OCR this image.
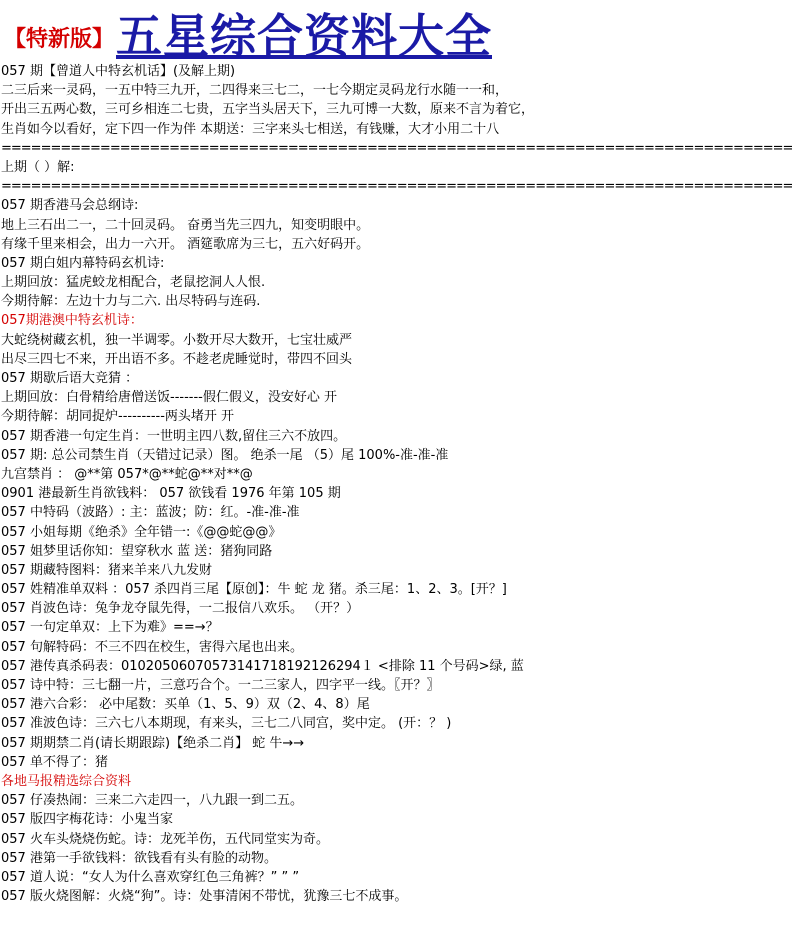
【特新版】 五星综合资料大全
057 期【曾道人中特玄机话】(及解上期)
二三后来一灵码，一五中特三九开，二四得来三七二，一七今期定灵码龙行水随一一和，
开出三五两心数，三可乡相连二七贵，五字当头居天下，三九可博一大数，原来不言为着它，
生肖如今以看好，定下四一作为伴 本期送：三字来头七相送，有钱赚，大才小用二十八
================================================================================
上期（ ）解:
================================================================================
057 期香港马会总纲诗:
地上三石出二一，二十回灵码。 奋勇当先三四九，知变明眼中。
有缘千里来相会，出力一六开。 酒筵歌席为三七，五六好码开。
057 期白姐内幕特码玄机诗:
上期回放：猛虎蛟龙相配合，老鼠挖洞人人恨.
今期待解：左边十力与二六. 出尽特码与连码.
057期港澳中特玄机诗：
大蛇绕树藏玄机，独一半调零。小数开尽大数开，七宝壮威严
出尽三四七不来，开出语不多。不趁老虎睡觉时，带四不回头
057 期歇后语大竞猜 ：
上期回放：白骨精给唐僧送饭-------假仁假义，没安好心 开
今期待解：胡同捉炉----------两头堵开 开
057 期香港一句定生肖：一世明主四八数,留住三六不放四。
057 期: 总公司禁生肖（天错过记录）图。 绝杀一尾 （5）尾 100%-准-准-准
九宫禁肖 ： @**第 057*@**蛇@**对**@
0901 港最新生肖欲钱料： 057 欲钱看 1976 年第 105 期
057 中特码（波路）: 主：蓝波；防：红。-准-准-准
057 小姐每期《绝杀》全年错一:《@@蛇@@》
057 姐梦里话你知：望穿秋水 蓝 送：猪狗同路
057 期藏特图料：猪来羊来八九发财
057 姓精准单双料 ：057 杀四肖三尾【原创】：牛 蛇 龙 猪。杀三尾：1、2、3。[开？]
057 肖波色诗：兔争龙夺鼠先得，一二报信八欢乐。 （开？）
057 一句定单双：上下为难》==→？
057 句解特码：不三不四在校生，害得六尾也出来。
057 港传真杀码表：01020506070573141718192126294１ <排除 11 个号码>绿, 蓝
057 诗中特：三七翻一片，三意巧合个。一二三家人，四字平一线。〖开？〗
057 港六合彩： 必中尾数：买单（1、5、9）双（2、4、8）尾
057 准波色诗：三六七八本期现，有来头，三七二八同宫，奖中定。 (开：？ )
057 期期禁二肖(请长期跟踪)【绝杀二肖】 蛇 牛→→
057 单不得了：猪
各地马报精选综合资料
057 仔凑热闹：三来二六走四一，八九跟一到二五。
057 版四字梅花诗：小鬼当家
057 火车头烧烧伤蛇。诗：龙死羊伤，五代同堂实为奇。
057 港第一手欲钱料：欲钱看有头有脸的动物。
057 道人说：“女人为什么喜欢穿红色三角裤？” ” ”
057 版火烧图解：火烧“狗”。诗：处事清闲不带忧，犹豫三七不成事。
